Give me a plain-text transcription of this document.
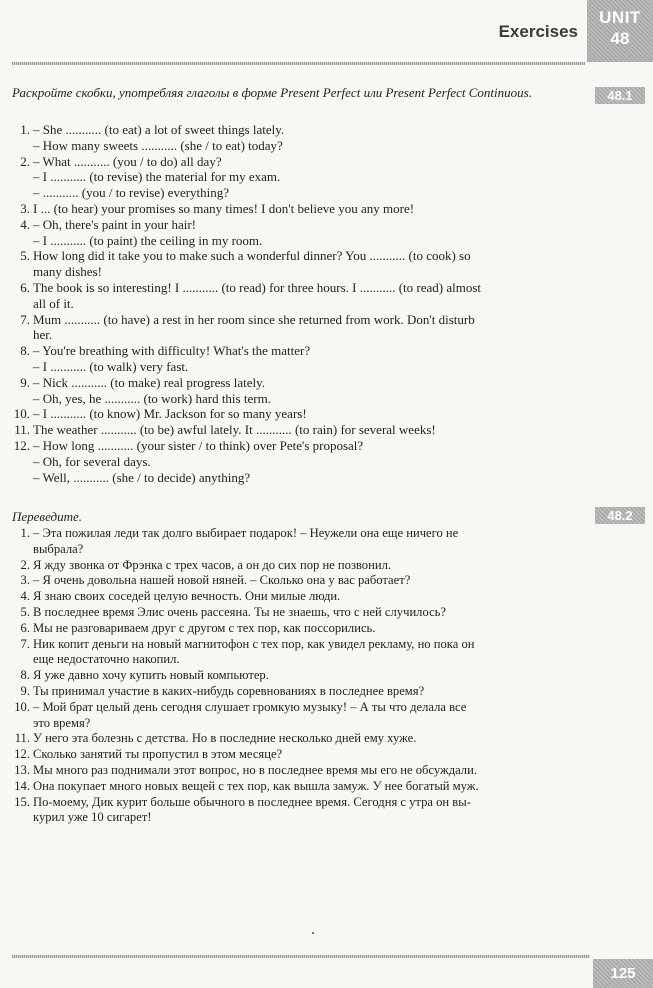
Exercises
UNIT
48
48.1
Раскройте скобки, употребляя глаголы в форме Present Perfect или Present Perfect Continuous.
1. – She ........... (to eat) a lot of sweet things lately.
– How many sweets ........... (she / to eat) today?
2. – What ........... (you / to do) all day?
– I ........... (to revise) the material for my exam.
– ........... (you / to revise) everything?
3. I ... (to hear) your promises so many times! I don't believe you any more!
4. – Oh, there's paint in your hair!
– I ........... (to paint) the ceiling in my room.
5. How long did it take you to make such a wonderful dinner? You ........... (to cook) so
many dishes!
6. The book is so interesting! I ........... (to read) for three hours. I ........... (to read) almost
all of it.
7. Mum ........... (to have) a rest in her room since she returned from work. Don't disturb
her.
8. – You're breathing with difficulty! What's the matter?
– I ........... (to walk) very fast.
9. – Nick ........... (to make) real progress lately.
– Oh, yes, he ........... (to work) hard this term.
10. – I ........... (to know) Mr. Jackson for so many years!
11. The weather ........... (to be) awful lately. It ........... (to rain) for several weeks!
12. – How long ........... (your sister / to think) over Pete's proposal?
– Oh, for several days.
– Well, ........... (she / to decide) anything?
48.2
Переведите.
1. – Эта пожилая леди так долго выбирает подарок! – Неужели она еще ничего не
выбрала?
2. Я жду звонка от Фрэнка с трех часов, а он до сих пор не позвонил.
3. – Я очень довольна нашей новой няней. – Сколько она у вас работает?
4. Я знаю своих соседей целую вечность. Они милые люди.
5. В последнее время Элис очень рассеяна. Ты не знаешь, что с ней случилось?
6. Мы не разговариваем друг с другом с тех пор, как поссорились.
7. Ник копит деньги на новый магнитофон с тех пор, как увидел рекламу, но пока он
еще недостаточно накопил.
8. Я уже давно хочу купить новый компьютер.
9. Ты принимал участие в каких-нибудь соревнованиях в последнее время?
10. – Мой брат целый день сегодня слушает громкую музыку! – А ты что делала все
это время?
11. У него эта болезнь с детства. Но в последние несколько дней ему хуже.
12. Сколько занятий ты пропустил в этом месяце?
13. Мы много раз поднимали этот вопрос, но в последнее время мы его не обсуждали.
14. Она покупает много новых вещей с тех пор, как вышла замуж. У нее богатый муж.
15. По-моему, Дик курит больше обычного в последнее время. Сегодня с утра он вы-
курил уже 10 сигарет!
125
